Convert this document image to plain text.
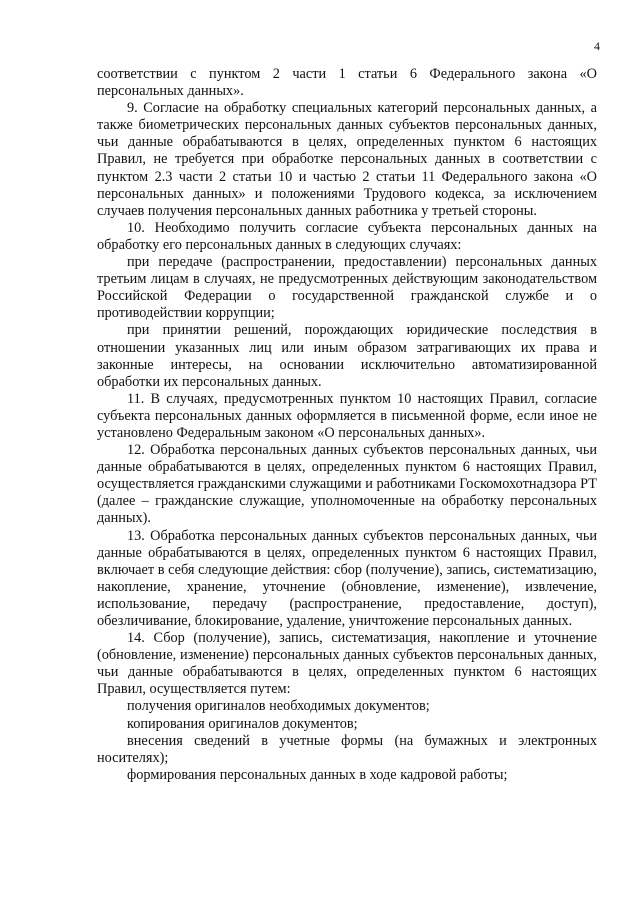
4

соответствии с пунктом 2 части 1 статьи 6 Федерального закона «О персональных данных».

9. Согласие на обработку специальных категорий персональных данных, а также биометрических персональных данных субъектов персональных данных, чьи данные обрабатываются в целях, определенных пунктом 6 настоящих Правил, не требуется при обработке персональных данных в соответствии с пунктом 2.3 части 2 статьи 10 и частью 2 статьи 11 Федерального закона «О персональных данных» и положениями Трудового кодекса, за исключением случаев получения персональных данных работника у третьей стороны.

10. Необходимо получить согласие субъекта персональных данных на обработку его персональных данных в следующих случаях:

при передаче (распространении, предоставлении) персональных данных третьим лицам в случаях, не предусмотренных действующим законодательством Российской Федерации о государственной гражданской службе и о противодействии коррупции;

при принятии решений, порождающих юридические последствия в отношении указанных лиц или иным образом затрагивающих их права и законные интересы, на основании исключительно автоматизированной обработки их персональных данных.

11. В случаях, предусмотренных пунктом 10 настоящих Правил, согласие субъекта персональных данных оформляется в письменной форме, если иное не установлено Федеральным законом «О персональных данных».

12. Обработка персональных данных субъектов персональных данных, чьи данные обрабатываются в целях, определенных пунктом 6 настоящих Правил, осуществляется гражданскими служащими и работниками Госкомохотнадзора РТ (далее – гражданские служащие, уполномоченные на обработку персональных данных).

13. Обработка персональных данных субъектов персональных данных, чьи данные обрабатываются в целях, определенных пунктом 6 настоящих Правил, включает в себя следующие действия: сбор (получение), запись, систематизацию, накопление, хранение, уточнение (обновление, изменение), извлечение, использование, передачу (распространение, предоставление, доступ), обезличивание, блокирование, удаление, уничтожение персональных данных.

14. Сбор (получение), запись, систематизация, накопление и уточнение (обновление, изменение) персональных данных субъектов персональных данных, чьи данные обрабатываются в целях, определенных пунктом 6 настоящих Правил, осуществляется путем:

получения оригиналов необходимых документов;

копирования оригиналов документов;

внесения сведений в учетные формы (на бумажных и электронных носителях);

формирования персональных данных в ходе кадровой работы;
